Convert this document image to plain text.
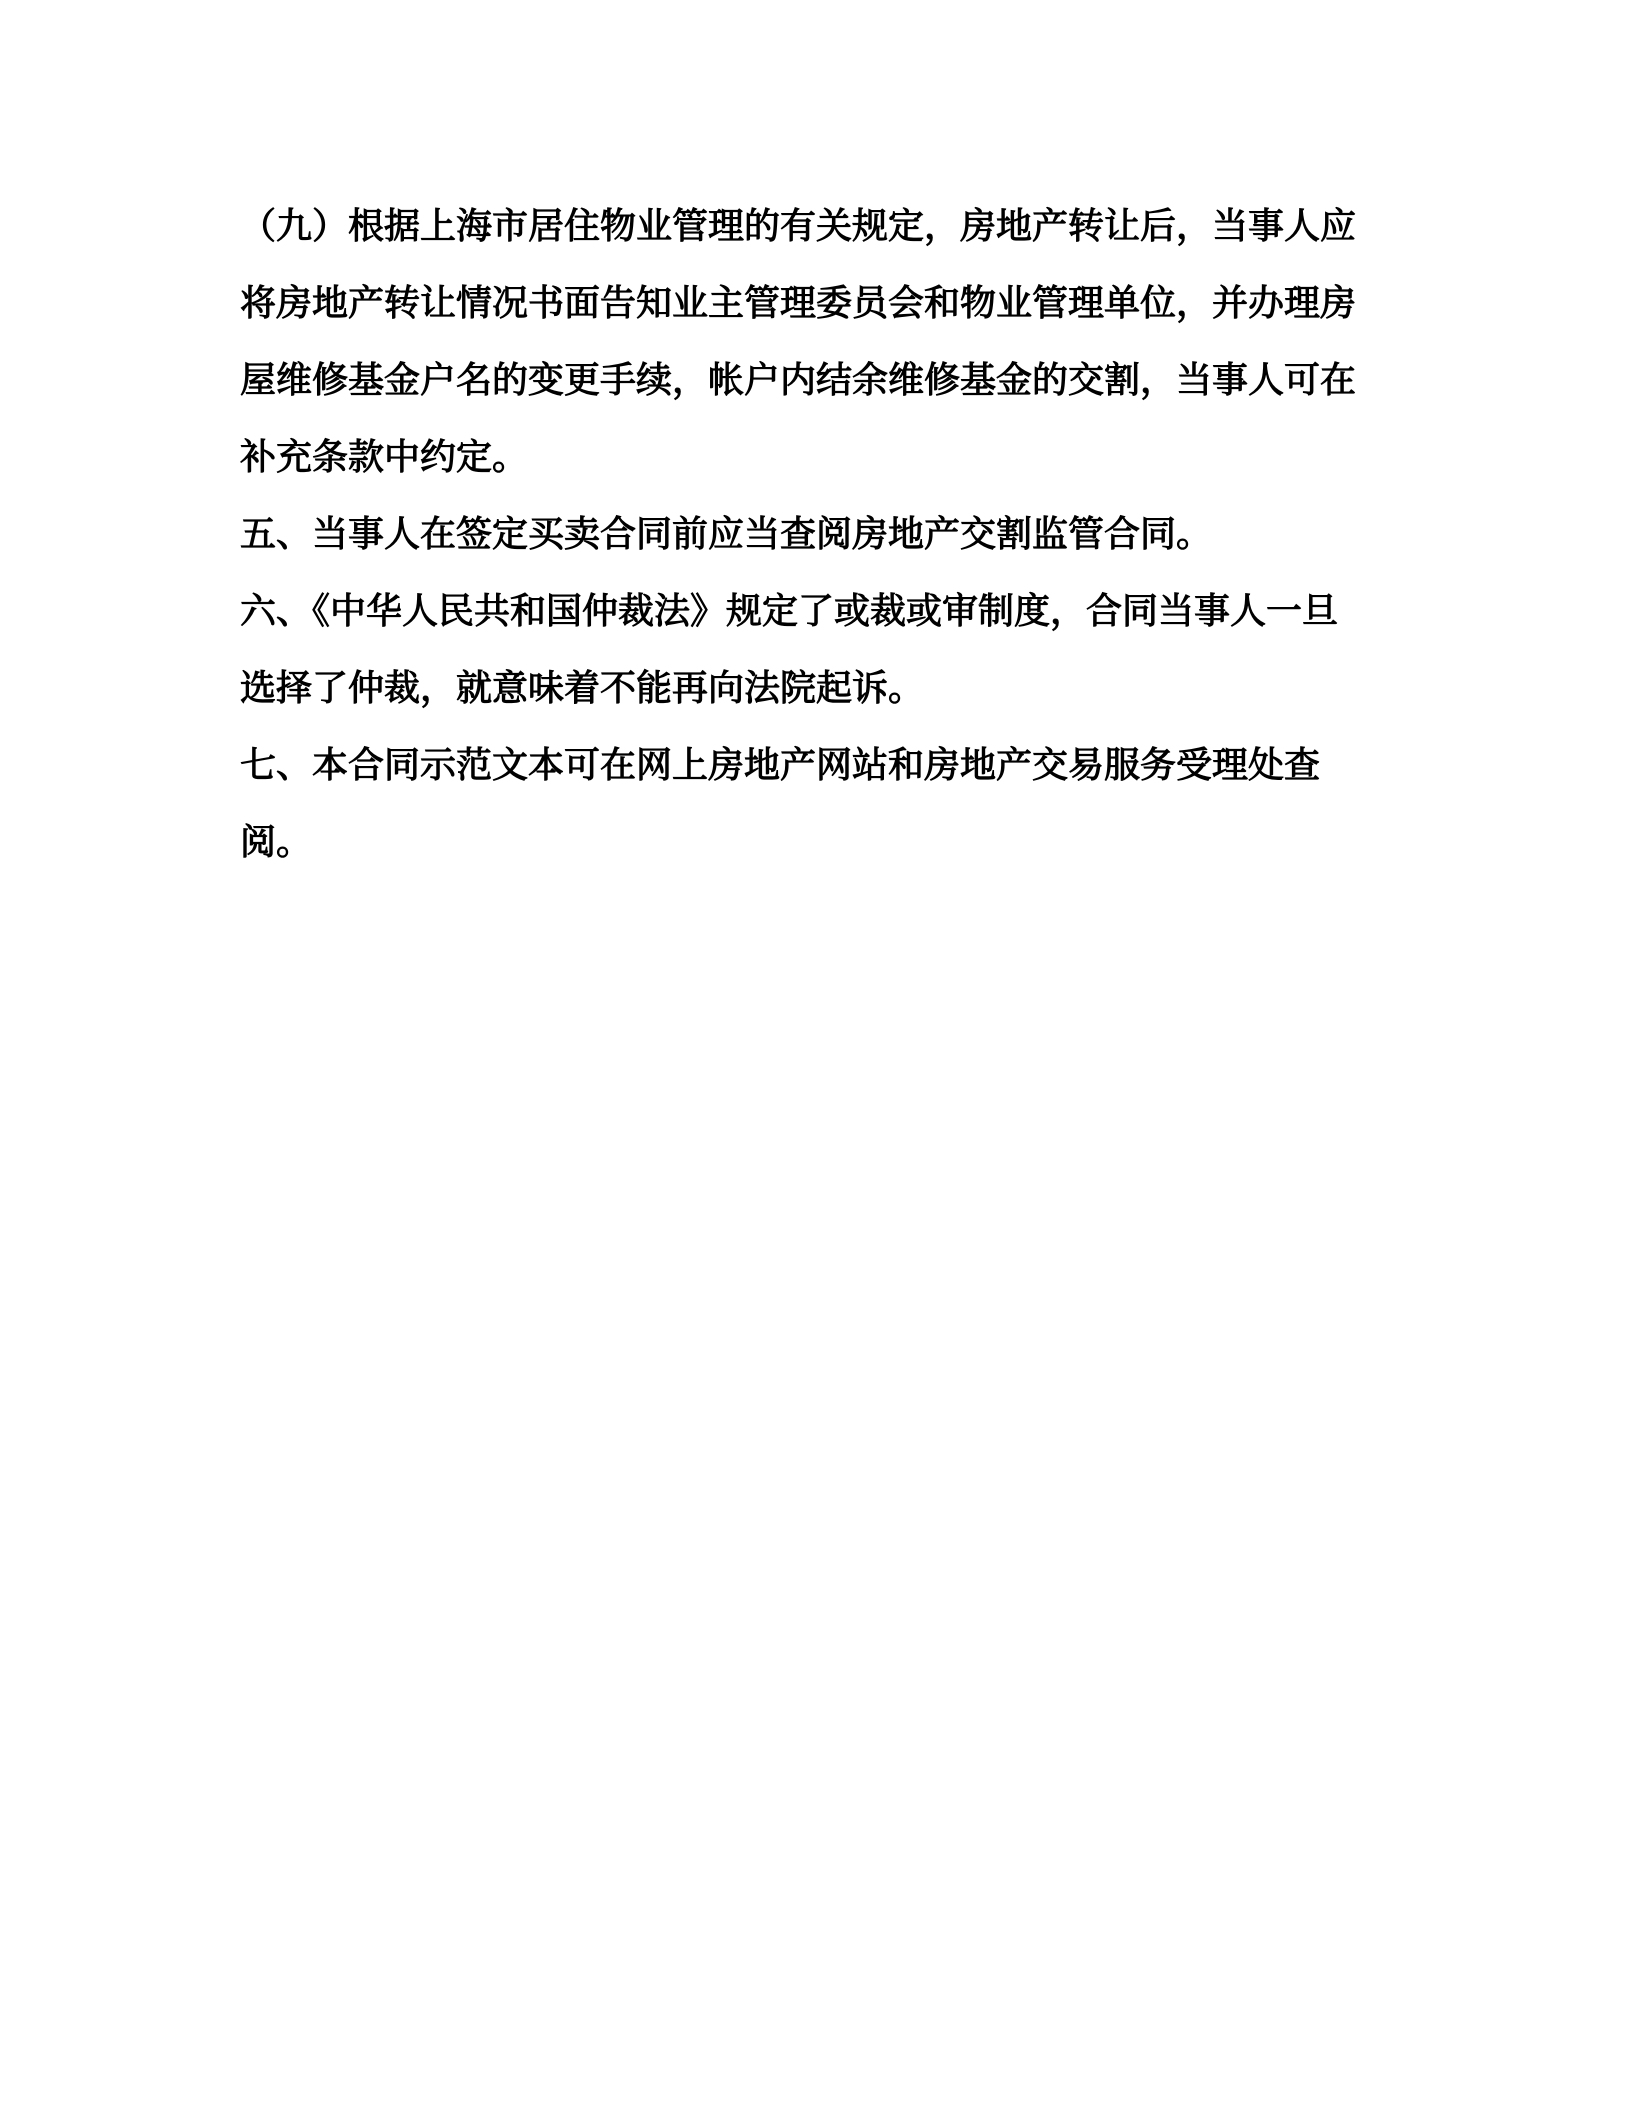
（九）根据上海市居住物业管理的有关规定，房地产转让后，当事人应将房地产转让情况书面告知业主管理委员会和物业管理单位，并办理房屋维修基金户名的变更手续，帐户内结余维修基金的交割，当事人可在补充条款中约定。

五、当事人在签定买卖合同前应当查阅房地产交割监管合同。

六、《中华人民共和国仲裁法》规定了或裁或审制度，合同当事人一旦选择了仲裁，就意味着不能再向法院起诉。

七、本合同示范文本可在网上房地产网站和房地产交易服务受理处查阅。
